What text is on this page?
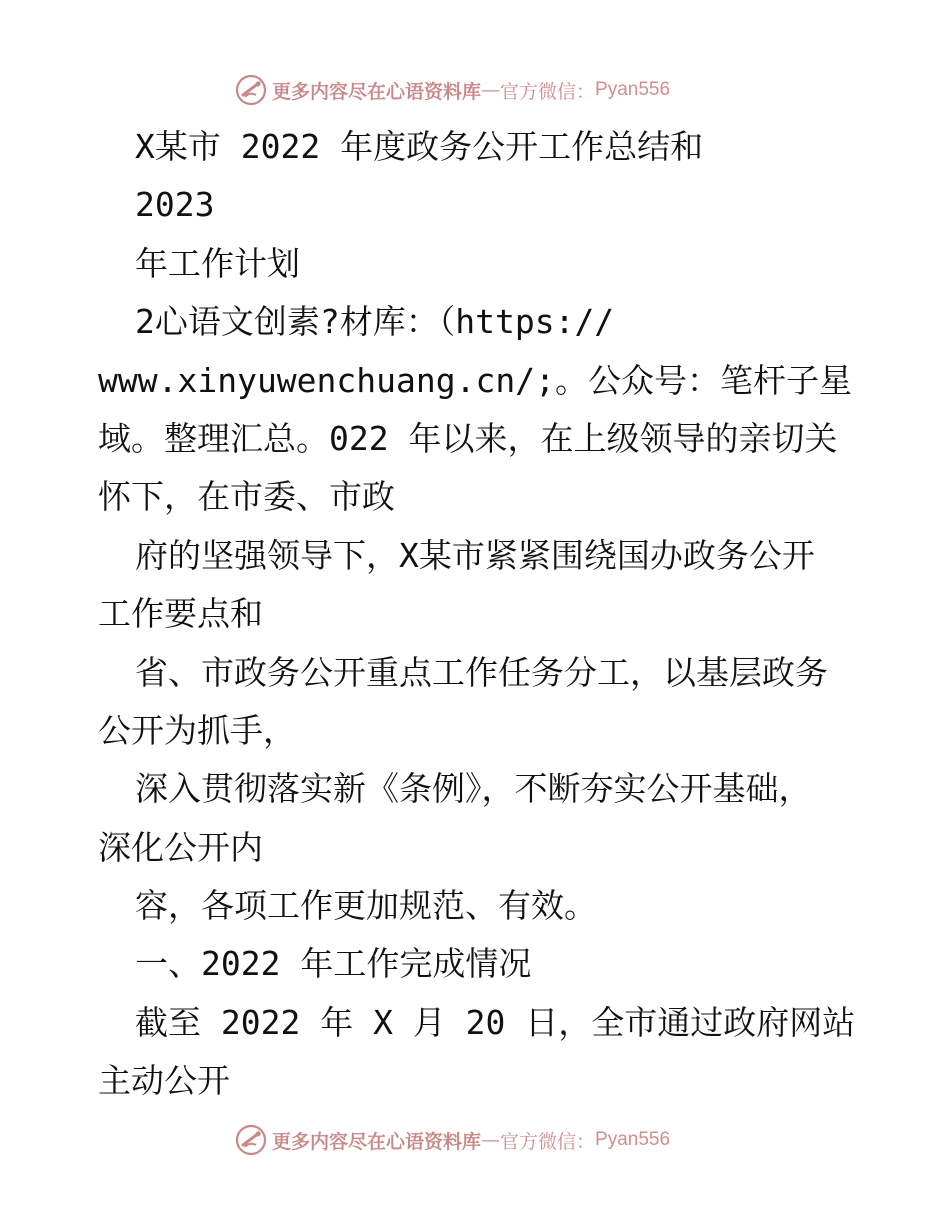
更多内容尽在心语资料库 — 官方微信： Pyan556
X某市 2022 年度政务公开工作总结和
2023
年工作计划
2心语文创素?材库：（https://
www.xinyuwenchuang.cn/;。公众号：笔杆子星
域。整理汇总。022 年以来，在上级领导的亲切关
怀下，在市委、市政
府的坚强领导下，X某市紧紧围绕国办政务公开
工作要点和
省、市政务公开重点工作任务分工，以基层政务
公开为抓手，
深入贯彻落实新《条例》，不断夯实公开基础，
深化公开内
容，各项工作更加规范、有效。
一、2022 年工作完成情况
截至 2022 年 X 月 20 日，全市通过政府网站
主动公开
更多内容尽在心语资料库 — 官方微信： Pyan556
